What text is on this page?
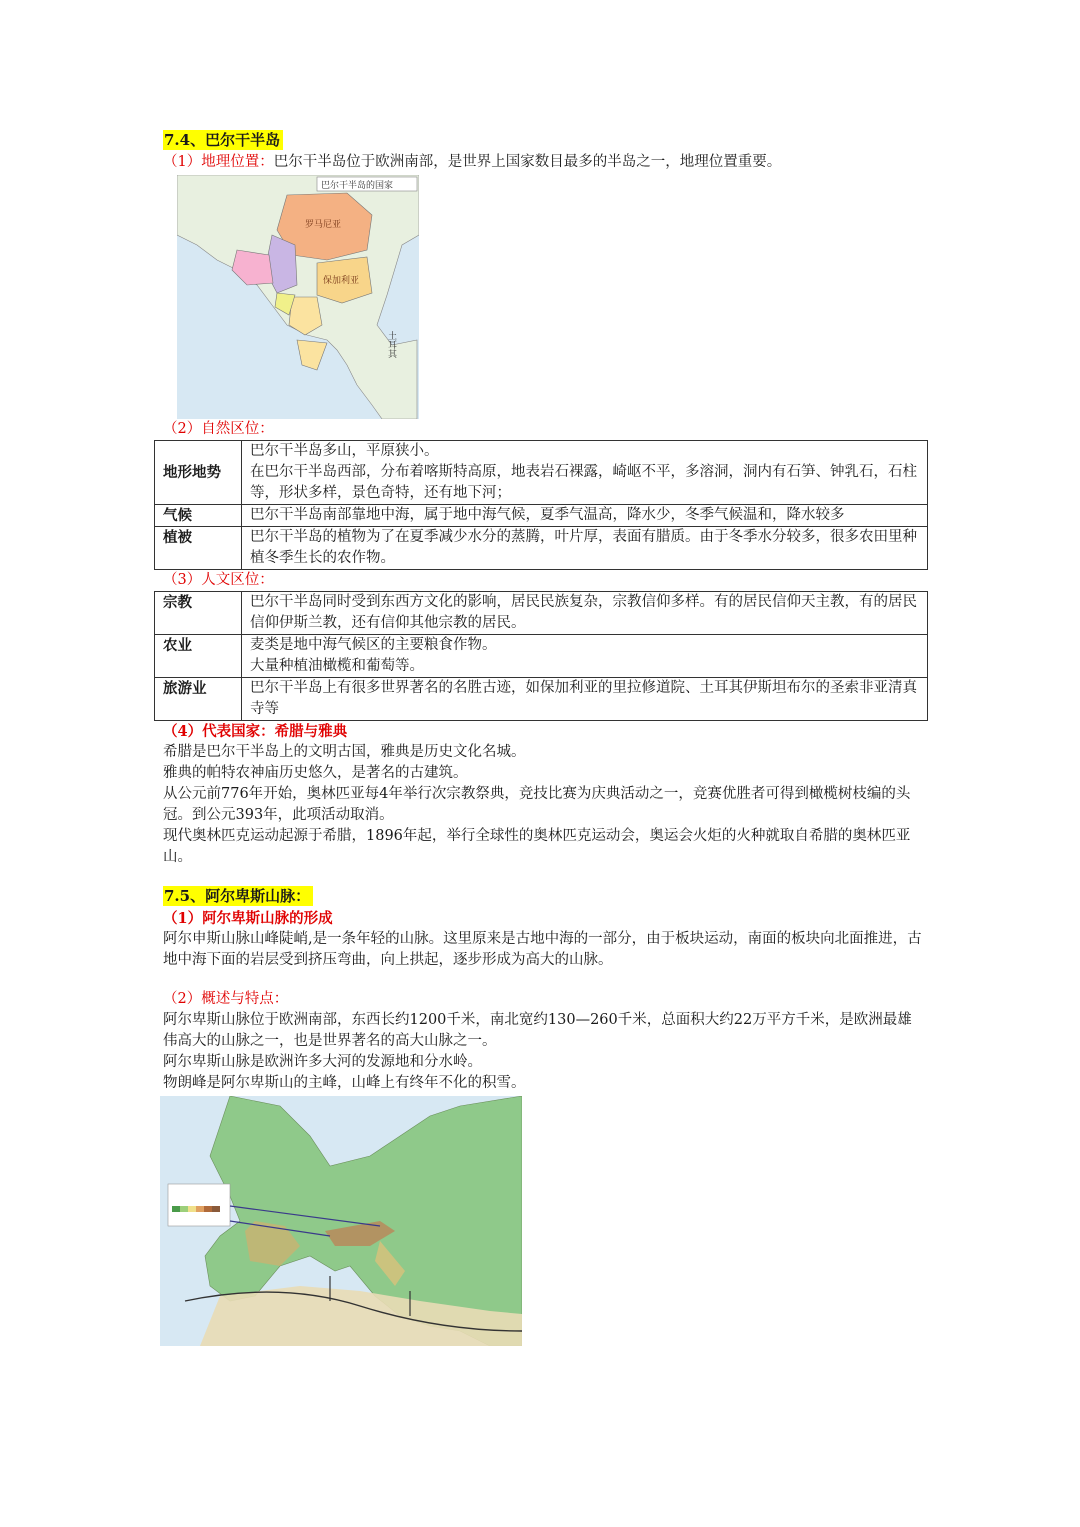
7.4、巴尔干半岛

（1）地理位置：巴尔干半岛位于欧洲南部，是世界上国家数目最多的半岛之一，地理位置重要。

巴尔干半岛的国家
罗马尼亚
保加利亚
土耳其

（2）自然区位：

地形地势	巴尔干半岛多山，平原狭小。
在巴尔干半岛西部，分布着喀斯特高原，地表岩石裸露，崎岖不平，多溶洞，洞内有石笋、钟乳石，石柱等，形状多样，景色奇特，还有地下河；

气候	巴尔干半岛南部靠地中海，属于地中海气候，夏季气温高，降水少，冬季气候温和，降水较多
植被	巴尔干半岛的植物为了在夏季减少水分的蒸腾，叶片厚，表面有腊质。由于冬季水分较多，很多农田里种植冬季生长的农作物。

（3）人文区位：

宗教	巴尔干半岛同时受到东西方文化的影响，居民民族复杂，宗教信仰多样。有的居民信仰天主教，有的居民信仰伊斯兰教，还有信仰其他宗教的居民。
农业	麦类是地中海气候区的主要粮食作物。
大量种植油橄榄和葡萄等。

旅游业	巴尔干半岛上有很多世界著名的名胜古迹，如保加利亚的里拉修道院、土耳其伊斯坦布尔的圣索非亚清真寺等

（4）代表国家：希腊与雅典

希腊是巴尔干半岛上的文明古国，雅典是历史文化名城。

雅典的帕特农神庙历史悠久，是著名的古建筑。

从公元前776年开始，奥林匹亚每4年举行次宗教祭典，竞技比赛为庆典活动之一，竞赛优胜者可得到橄榄树枝编的头冠。到公元393年，此项活动取消。

现代奥林匹克运动起源于希腊，1896年起，举行全球性的奥林匹克运动会，奥运会火炬的火种就取自希腊的奥林匹亚山。

7.5、阿尔卑斯山脉：

（1）阿尔卑斯山脉的形成

阿尔申斯山脉山峰陡峭,是一条年轻的山脉。这里原来是古地中海的一部分，由于板块运动，南面的板块向北面推进，古地中海下面的岩层受到挤压弯曲，向上拱起，逐步形成为高大的山脉。

（2）概述与特点：

阿尔卑斯山脉位于欧洲南部，东西长约1200千米，南北宽约130—260千米，总面积大约22万平方千米，是欧洲最雄伟高大的山脉之一，也是世界著名的高大山脉之一。

阿尔卑斯山脉是欧洲许多大河的发源地和分水岭。

物朗峰是阿尔卑斯山的主峰，山峰上有终年不化的积雪。
